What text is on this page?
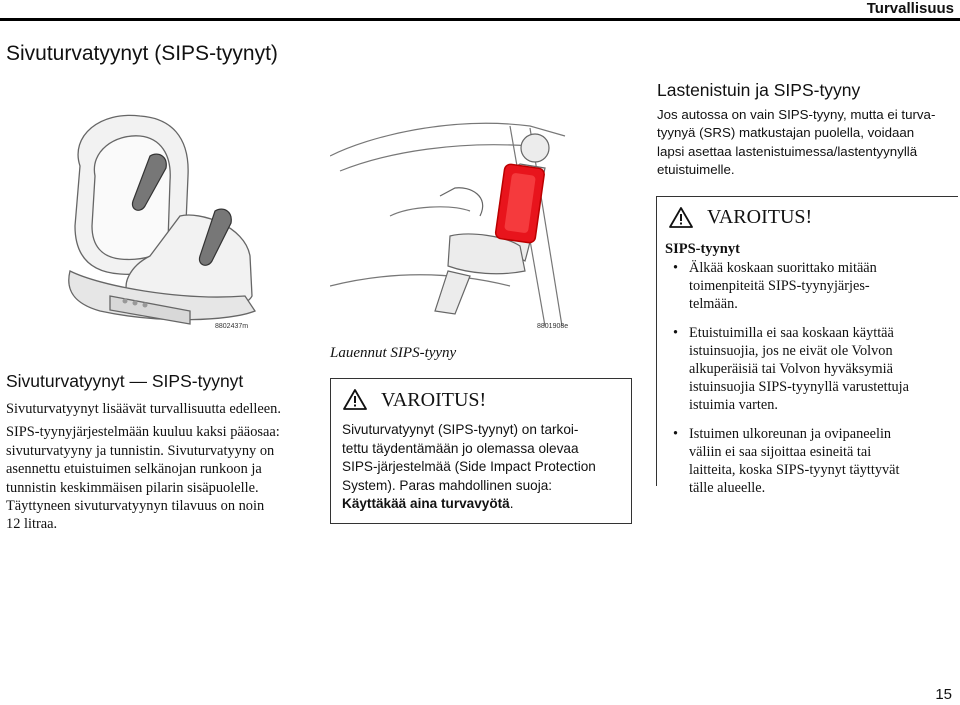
Turvallisuus
Sivuturvatyynyt (SIPS-tyynyt)
8802437m	8801908e
Sivuturvatyynyt — SIPS-tyynyt
Sivuturvatyynyt lisäävät turvallisuutta edelleen.
SIPS-tyynyjärjestelmään kuuluu kaksi pääosaa:
sivuturvatyyny ja tunnistin. Sivuturvatyyny on
asennettu etuistuimen selkänojan runkoon ja
tunnistin keskimmäisen pilarin sisäpuolelle.
Täyttyneen sivuturvatyynyn tilavuus on noin
12 litraa.
Lauennut SIPS-tyyny
VAROITUS!
Sivuturvatyynyt (SIPS-tyynyt) on tarkoi-
tettu täydentämään jo olemassa olevaa
SIPS-järjestelmää (Side Impact Protection
System). Paras mahdollinen suoja:
Käyttäkää aina turvavyötä.
Lastenistuin ja SIPS-tyyny
Jos autossa on vain SIPS-tyyny, mutta ei turva-
tyynyä (SRS) matkustajan puolella, voidaan
lapsi asettaa lastenistuimessa/lastentyynyllä
etuistuimelle.
VAROITUS!
SIPS-tyynyt
• Älkää koskaan suorittako mitään
toimenpiteitä SIPS-tyynyjärjes-
telmään.
• Etuistuimilla ei saa koskaan käyttää
istuinsuojia, jos ne eivät ole Volvon
alkuperäisiä tai Volvon hyväksymiä
istuinsuojia SIPS-tyynyllä varustettuja
istuimia varten.
• Istuimen ulkoreunan ja ovipaneelin
väliin ei saa sijoittaa esineitä tai
laitteita, koska SIPS-tyynyt täyttyvät
tälle alueelle.
15
